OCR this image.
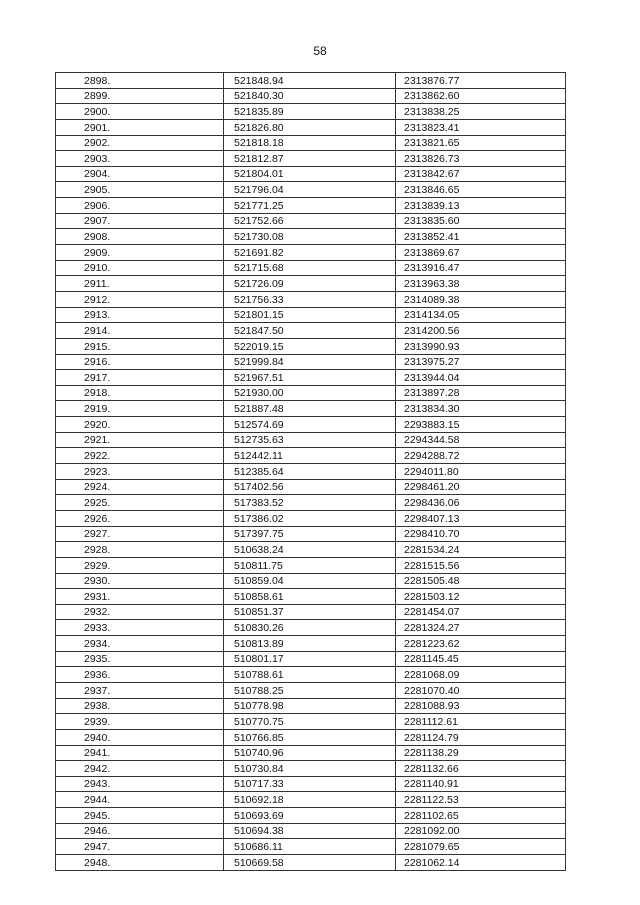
58
2898.	521848.94	2313876.77
2899.	521840.30	2313862.60
2900.	521835.89	2313838.25
2901.	521826.80	2313823.41
2902.	521818.18	2313821.65
2903.	521812.87	2313826.73
2904.	521804.01	2313842.67
2905.	521796.04	2313846.65
2906.	521771.25	2313839.13
2907.	521752.66	2313835.60
2908.	521730.08	2313852.41
2909.	521691.82	2313869.67
2910.	521715.68	2313916.47
2911.	521726.09	2313963.38
2912.	521756.33	2314089.38
2913.	521801.15	2314134.05
2914.	521847.50	2314200.56
2915.	522019.15	2313990.93
2916.	521999.84	2313975.27
2917.	521967.51	2313944.04
2918.	521930.00	2313897.28
2919.	521887.48	2313834.30
2920.	512574.69	2293883.15
2921.	512735.63	2294344.58
2922.	512442.11	2294288.72
2923.	512385.64	2294011.80
2924.	517402.56	2298461.20
2925.	517383.52	2298436.06
2926.	517386.02	2298407.13
2927.	517397.75	2298410.70
2928.	510638.24	2281534.24
2929.	510811.75	2281515.56
2930.	510859.04	2281505.48
2931.	510858.61	2281503.12
2932.	510851.37	2281454.07
2933.	510830.26	2281324.27
2934.	510813.89	2281223.62
2935.	510801.17	2281145.45
2936.	510788.61	2281068.09
2937.	510788.25	2281070.40
2938.	510778.98	2281088.93
2939.	510770.75	2281112.61
2940.	510766.85	2281124.79
2941.	510740.96	2281138.29
2942.	510730.84	2281132.66
2943.	510717.33	2281140.91
2944.	510692.18	2281122.53
2945.	510693.69	2281102.65
2946.	510694.38	2281092.00
2947.	510686.11	2281079.65
2948.	510669.58	2281062.14
